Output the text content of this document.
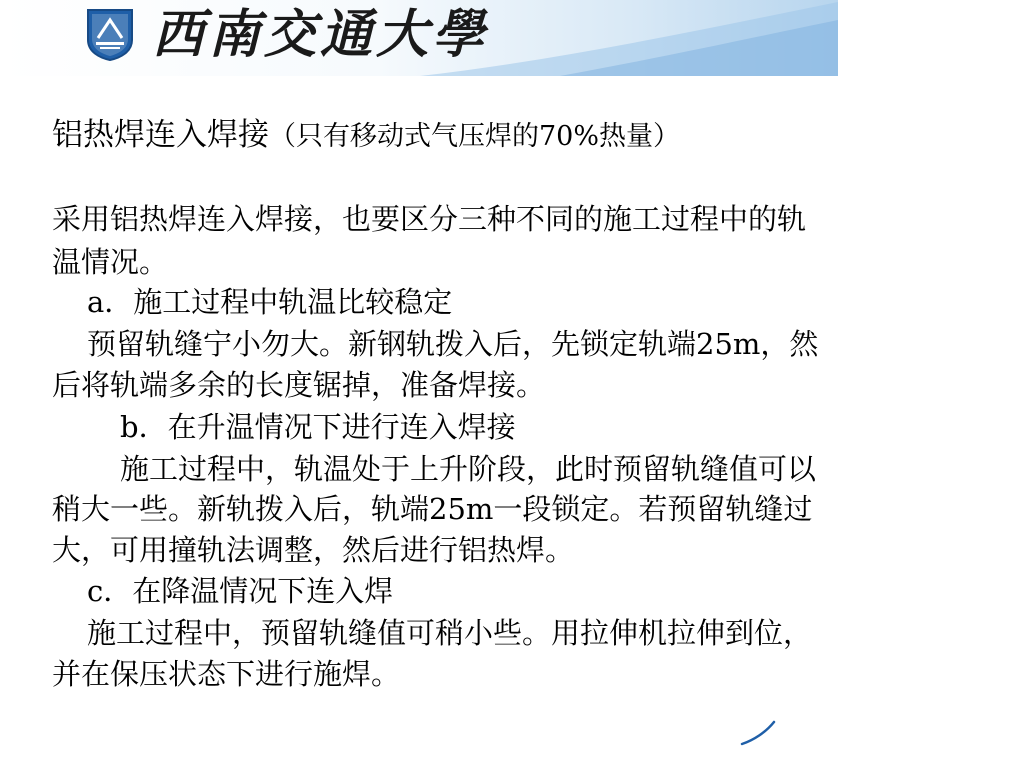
西南交通大學
铝热焊连入焊接（只有移动式气压焊的70%热量）
采用铝热焊连入焊接，也要区分三种不同的施工过程中的轨
温情况。
a．施工过程中轨温比较稳定
预留轨缝宁小勿大。新钢轨拨入后，先锁定轨端25m，然
后将轨端多余的长度锯掉，准备焊接。
b．在升温情况下进行连入焊接
施工过程中，轨温处于上升阶段，此时预留轨缝值可以
稍大一些。新轨拨入后，轨端25m一段锁定。若预留轨缝过
大，可用撞轨法调整，然后进行铝热焊。
c．在降温情况下连入焊
施工过程中，预留轨缝值可稍小些。用拉伸机拉伸到位，
并在保压状态下进行施焊。
